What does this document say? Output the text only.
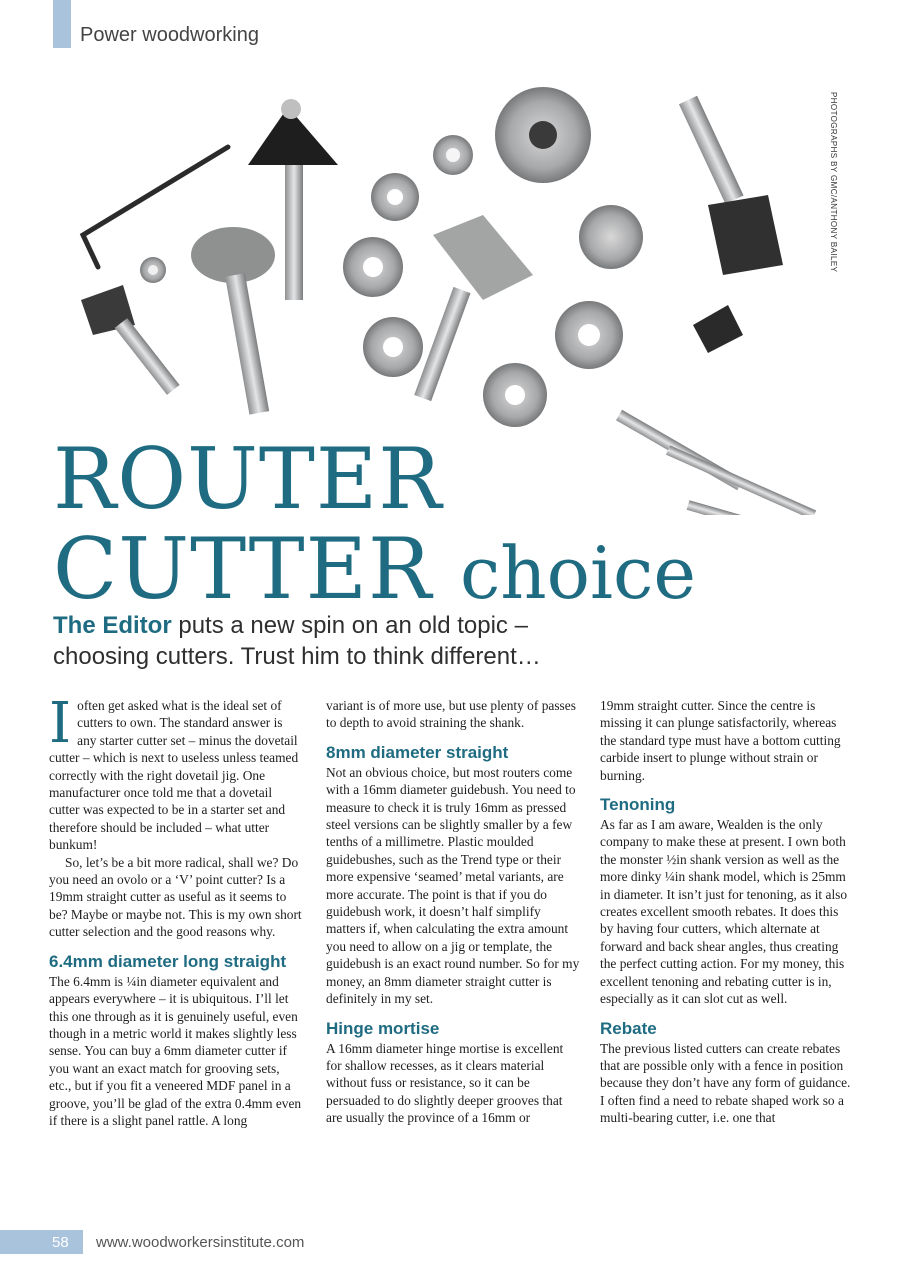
Power woodworking
PHOTOGRAPHS BY GMC/ANTHONY BAILEY
ROUTER
CUTTER choice
The Editor puts a new spin on an old topic –
choosing cutters. Trust him to think different…

Ioften get asked what is the ideal set of cutters to own. The standard answer is any starter cutter set – minus the dovetail cutter – which is next to useless unless teamed correctly with the right dovetail jig. One manufacturer once told me that a dovetail cutter was expected to be in a starter set and therefore should be included – what utter bunkum!

So, let’s be a bit more radical, shall we? Do you need an ovolo or a ‘V’ point cutter? Is a 19mm straight cutter as useful as it seems to be? Maybe or maybe not. This is my own short cutter selection and the good reasons why.

6.4mm diameter long straight

The 6.4mm is ¼in diameter equivalent and appears everywhere – it is ubiquitous. I’ll let this one through as it is genuinely useful, even though in a metric world it makes slightly less sense. You can buy a 6mm diameter cutter if you want an exact match for grooving sets, etc., but if you fit a veneered MDF panel in a groove, you’ll be glad of the extra 0.4mm even if there is a slight panel rattle. A long

variant is of more use, but use plenty of passes to depth to avoid straining the shank.

8mm diameter straight

Not an obvious choice, but most routers come with a 16mm diameter guidebush. You need to measure to check it is truly 16mm as pressed steel versions can be slightly smaller by a few tenths of a millimetre. Plastic moulded guidebushes, such as the Trend type or their more expensive ‘seamed’ metal variants, are more accurate. The point is that if you do guidebush work, it doesn’t half simplify matters if, when calculating the extra amount you need to allow on a jig or template, the guidebush is an exact round number. So for my money, an 8mm diameter straight cutter is definitely in my set.

Hinge mortise

A 16mm diameter hinge mortise is excellent for shallow recesses, as it clears material without fuss or resistance, so it can be persuaded to do slightly deeper grooves that are usually the province of a 16mm or

19mm straight cutter. Since the centre is missing it can plunge satisfactorily, whereas the standard type must have a bottom cutting carbide insert to plunge without strain or burning.

Tenoning

As far as I am aware, Wealden is the only company to make these at present. I own both the monster ½in shank version as well as the more dinky ¼in shank model, which is 25mm in diameter. It isn’t just for tenoning, as it also creates excellent smooth rebates. It does this by having four cutters, which alternate at forward and back shear angles, thus creating the perfect cutting action. For my money, this excellent tenoning and rebating cutter is in, especially as it can slot cut as well.

Rebate

The previous listed cutters can create rebates that are possible only with a fence in position because they don’t have any form of guidance. I often find a need to rebate shaped work so a multi-bearing cutter, i.e. one that

58 www.woodworkersinstitute.com
